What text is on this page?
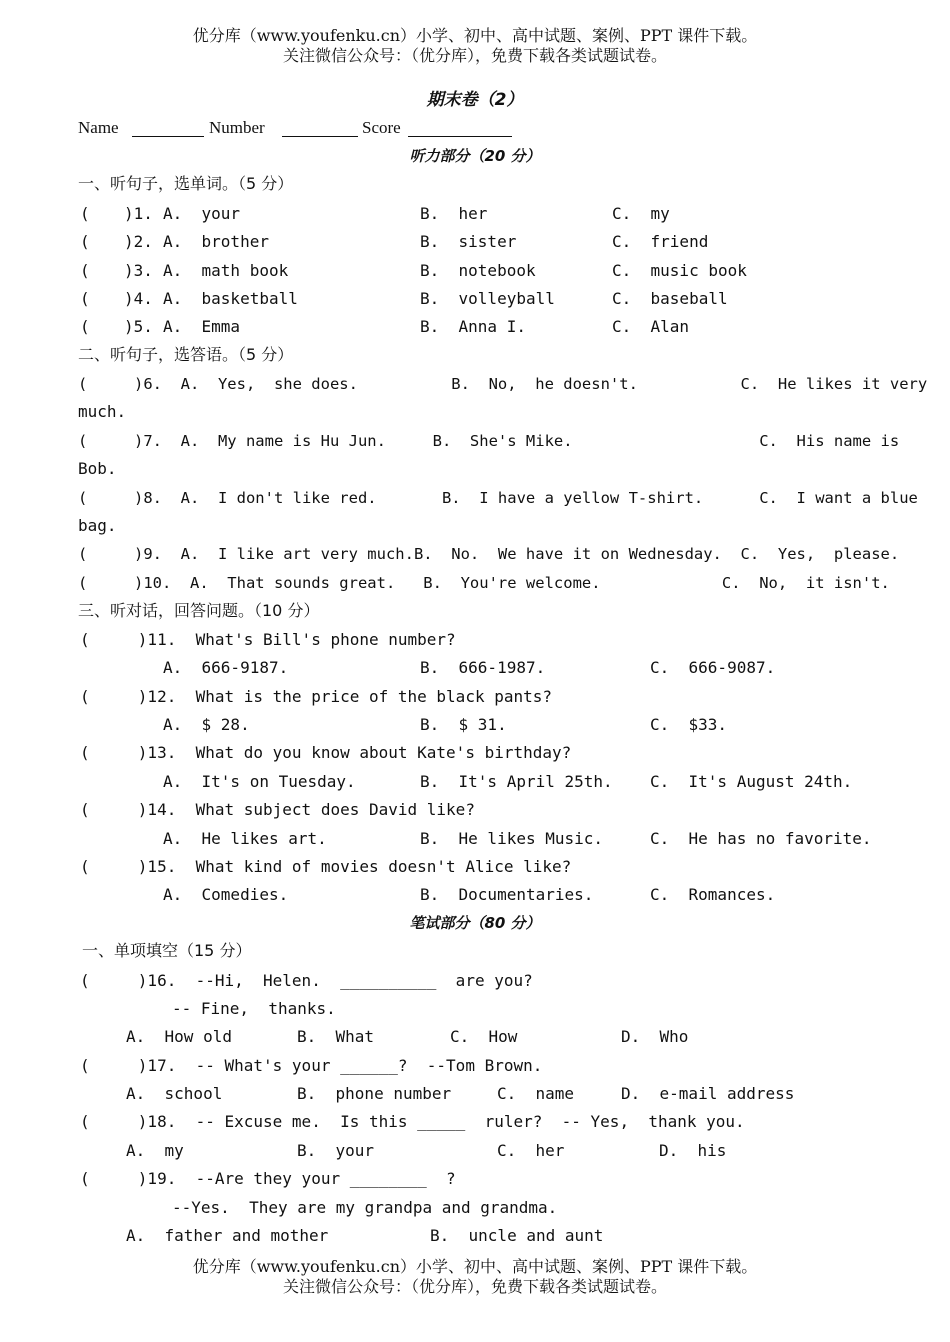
优分库（www.youfenku.cn）小学、初中、高中试题、案例、PPT 课件下载。
关注微信公众号：（优分库），免费下载各类试题试卷。
期末卷（2）
Name	Number	Score
听力部分（20 分）
一、听句子，选单词。（5 分）
( )1. A.  your	B.  her	C.  my
( )2. A.  brother	B.  sister	C.  friend
( )3. A.  math book	B.  notebook	C.  music book
( )4. A.  basketball	B.  volleyball	C.  baseball
( )5. A.  Emma	B.  Anna I.	C.  Alan
二、听句子，选答语。（5 分）
(     )6.  A.  Yes,  she does.          B.  No,  he doesn't.           C.  He likes it very
much.
(     )7.  A.  My name is Hu Jun.     B.  She's Mike.                    C.  His name is
Bob.
(     )8.  A.  I don't like red.       B.  I have a yellow T-shirt.      C.  I want a blue
bag.
(     )9.  A.  I like art very much.B.  No.  We have it on Wednesday.  C.  Yes,  please.
(     )10.  A.  That sounds great.   B.  You're welcome.             C.  No,  it isn't.
三、听对话，回答问题。（10 分）
(     )11.  What's Bill's phone number?
A.  666-9187.	B.  666-1987.	C.  666-9087.
(     )12.  What is the price of the black pants?
A.  $ 28.	B.  $ 31.	C.  $33.
(     )13.  What do you know about Kate's birthday?
A.  It's on Tuesday.	B.  It's April 25th. C.  It's August 24th.
(     )14.  What subject does David like?
A.  He likes art.	B.  He likes Music.	C.  He has no favorite.
(     )15.  What kind of movies doesn't Alice like?
A.  Comedies.	B.  Documentaries.	C.  Romances.
笔试部分（80 分）
一、单项填空（15 分）
(     )16.  --Hi,  Helen.  __________  are you?
-- Fine,  thanks.
A.  How old	B.  What	C.  How	D.  Who
(     )17.  -- What's your ______?  --Tom Brown.
A.  school	B.  phone number	C.  name	D.  e-mail address
(     )18.  -- Excuse me.  Is this _____  ruler?  -- Yes,  thank you.
A.  my	B.  your	C.  her	D.  his
(     )19.  --Are they your ________  ?
--Yes.  They are my grandpa and grandma.
A.  father and mother	B.  uncle and aunt
优分库（www.youfenku.cn）小学、初中、高中试题、案例、PPT 课件下载。
关注微信公众号：（优分库），免费下载各类试题试卷。
